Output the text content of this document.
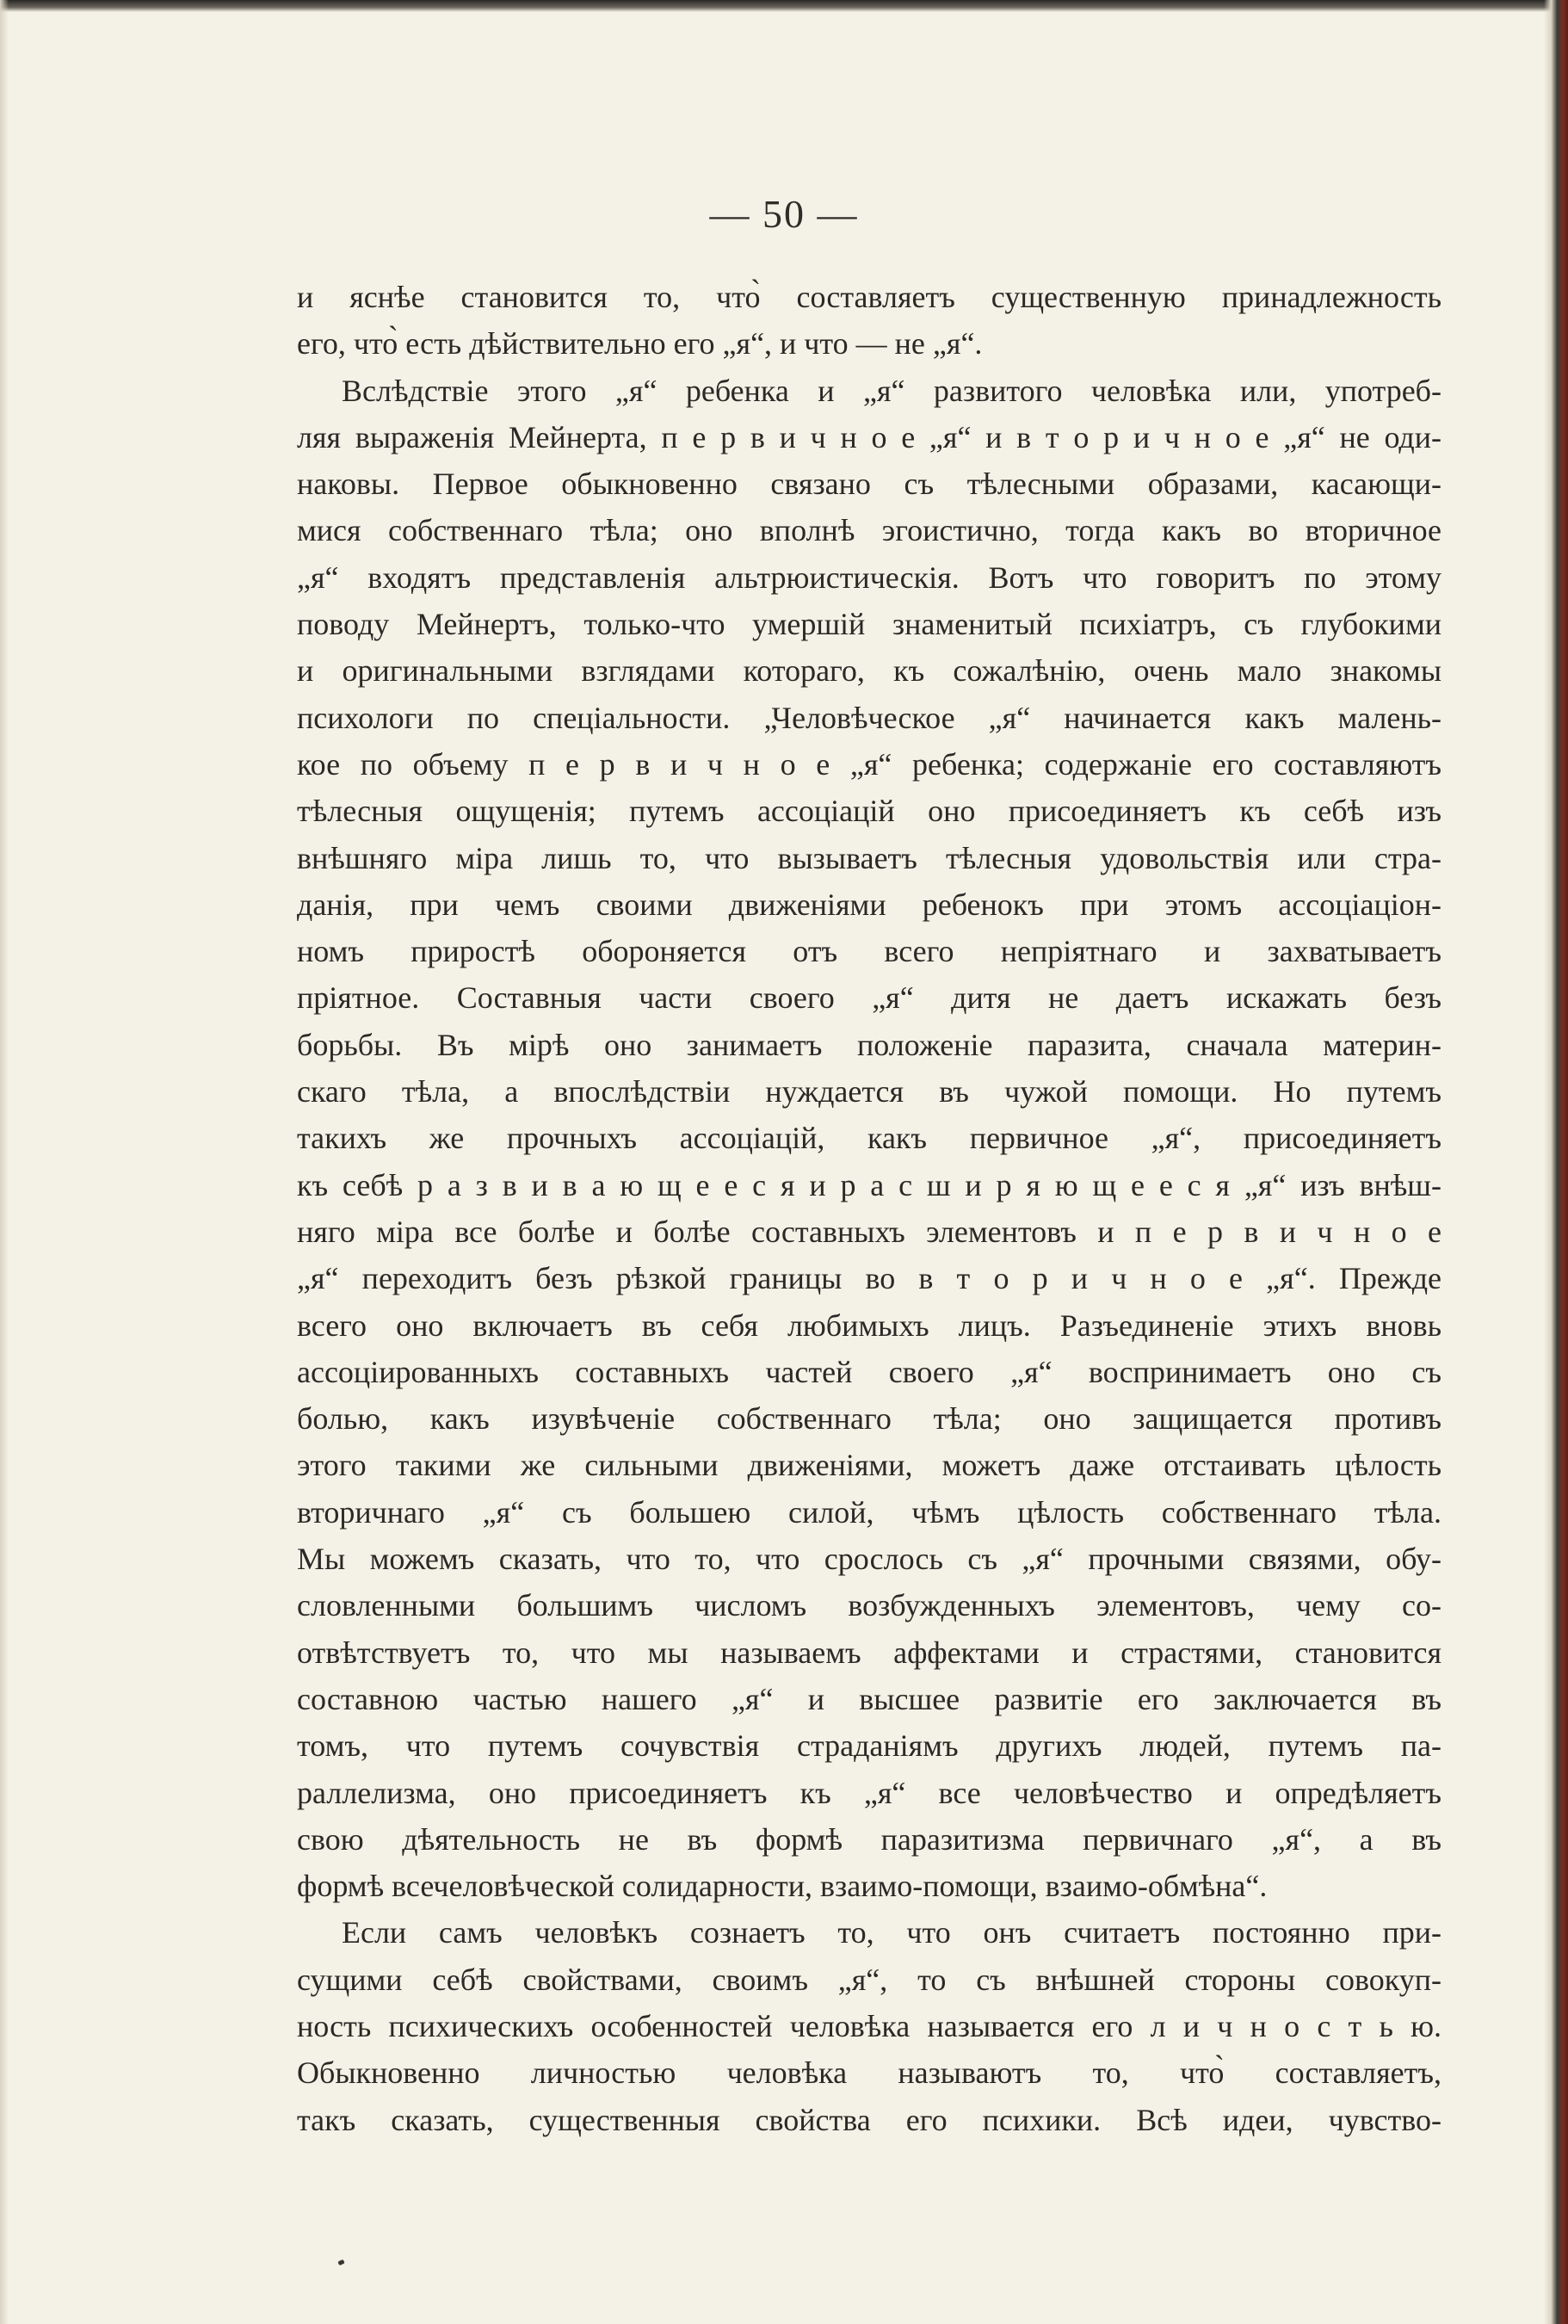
— 50 —
и яснѣе становится то, что̀ составляетъ существенную принадлежность
его, что̀ есть дѣйствительно его „я“, и что — не „я“.
Вслѣдствіе этого „я“ ребенка и „я“ развитого человѣка или, употреб-
ляя выраженія Мейнерта, п е р в и ч н о е „я“ и в т о р и ч н о е „я“ не оди-
наковы. Первое обыкновенно связано съ тѣлесными образами, касающи-
мися собственнаго тѣла; оно вполнѣ эгоистично, тогда какъ во вторичное
„я“ входятъ представленія альтрюистическія. Вотъ что говоритъ по этому
поводу Мейнертъ, только-что умершій знаменитый психіатръ, съ глубокими
и оригинальными взглядами котораго, къ сожалѣнію, очень мало знакомы
психологи по спеціальности. „Человѣческое „я“ начинается какъ малень-
кое по объему п е р в и ч н о е „я“ ребенка; содержаніе его составляютъ
тѣлесныя ощущенія; путемъ ассоціацій оно присоединяетъ къ себѣ изъ
внѣшняго міра лишь то, что вызываетъ тѣлесныя удовольствія или стра-
данія, при чемъ своими движеніями ребенокъ при этомъ ассоціаціон-
номъ приростѣ обороняется отъ всего непріятнаго и захватываетъ
пріятное. Составныя части своего „я“ дитя не даетъ искажать безъ
борьбы. Въ мірѣ оно занимаетъ положеніе паразита, сначала материн-
скаго тѣла, а впослѣдствіи нуждается въ чужой помощи. Но путемъ
такихъ же прочныхъ ассоціацій, какъ первичное „я“, присоединяетъ
къ себѣ р а з в и в а ю щ е е с я и р а с ш и р я ю щ е е с я „я“ изъ внѣш-
няго міра все болѣе и болѣе составныхъ элементовъ и п е р в и ч н о е
„я“ переходитъ безъ рѣзкой границы во в т о р и ч н о е „я“. Прежде
всего оно включаетъ въ себя любимыхъ лицъ. Разъединеніе этихъ вновь
ассоціированныхъ составныхъ частей своего „я“ воспринимаетъ оно съ
болью, какъ изувѣченіе собственнаго тѣла; оно защищается противъ
этого такими же сильными движеніями, можетъ даже отстаивать цѣлость
вторичнаго „я“ съ большею силой, чѣмъ цѣлость собственнаго тѣла.
Мы можемъ сказать, что то, что срослось съ „я“ прочными связями, обу-
словленными большимъ числомъ возбужденныхъ элементовъ, чему со-
отвѣтствуетъ то, что мы называемъ аффектами и страстями, становится
составною частью нашего „я“ и высшее развитіе его заключается въ
томъ, что путемъ сочувствія страданіямъ другихъ людей, путемъ па-
раллелизма, оно присоединяетъ къ „я“ все человѣчество и опредѣляетъ
свою дѣятельность не въ формѣ паразитизма первичнаго „я“, а въ
формѣ всечеловѣческой солидарности, взаимо-помощи, взаимо-обмѣна“.
Если самъ человѣкъ сознаетъ то, что онъ считаетъ постоянно при-
сущими себѣ свойствами, своимъ „я“, то съ внѣшней стороны совокуп-
ность психическихъ особенностей человѣка называется его л и ч н о с т ь ю.
Обыкновенно личностью человѣка называютъ то, что̀ составляетъ,
такъ сказать, существенныя свойства его психики. Всѣ идеи, чувство-
